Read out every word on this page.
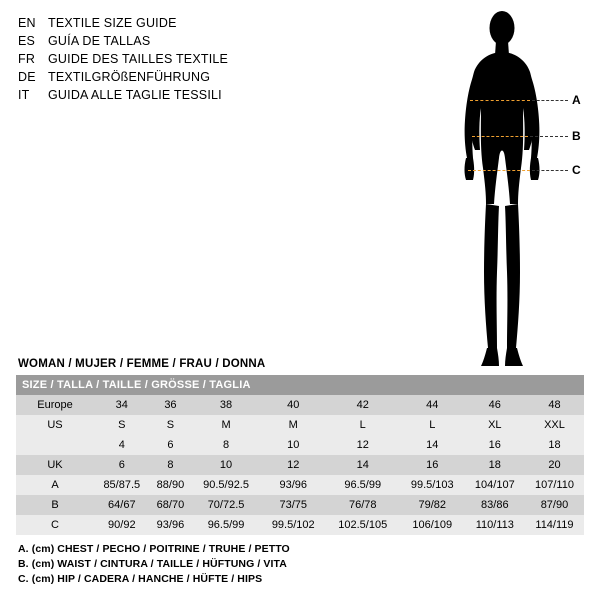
EN TEXTILE SIZE GUIDE
ES	GUÍA DE TALLAS
FR	GUIDE DES TAILLES TEXTILE
DE TEXTILGRÖßENFÜHRUNG
IT	GUIDA ALLE TAGLIE TESSILI	A
B
C
WOMAN / MUJER / FEMME / FRAU / DONNA
SIZE / TALLA / TAILLE / GRÖSSE / TAGLIA								
Europe	34	36	38	40	42	44	46	48
US	S	S	M	M	L	L	XL	XXL
	4	6	8	10	12	14	16	18
UK	6	8	10	12	14	16	18	20
A	85/87.5	88/90	90.5/92.5	93/96	96.5/99	99.5/103	104/107	107/110
B	64/67	68/70	70/72.5	73/75	76/78	79/82	83/86	87/90
C	90/92	93/96	96.5/99	99.5/102	102.5/105	106/109	110/113	114/119
A. (cm) CHEST / PECHO / POITRINE / TRUHE / PETTO
B. (cm) WAIST / CINTURA / TAILLE / HÜFTUNG / VITA
C. (cm) HIP / CADERA / HANCHE / HÜFTE / HIPS
